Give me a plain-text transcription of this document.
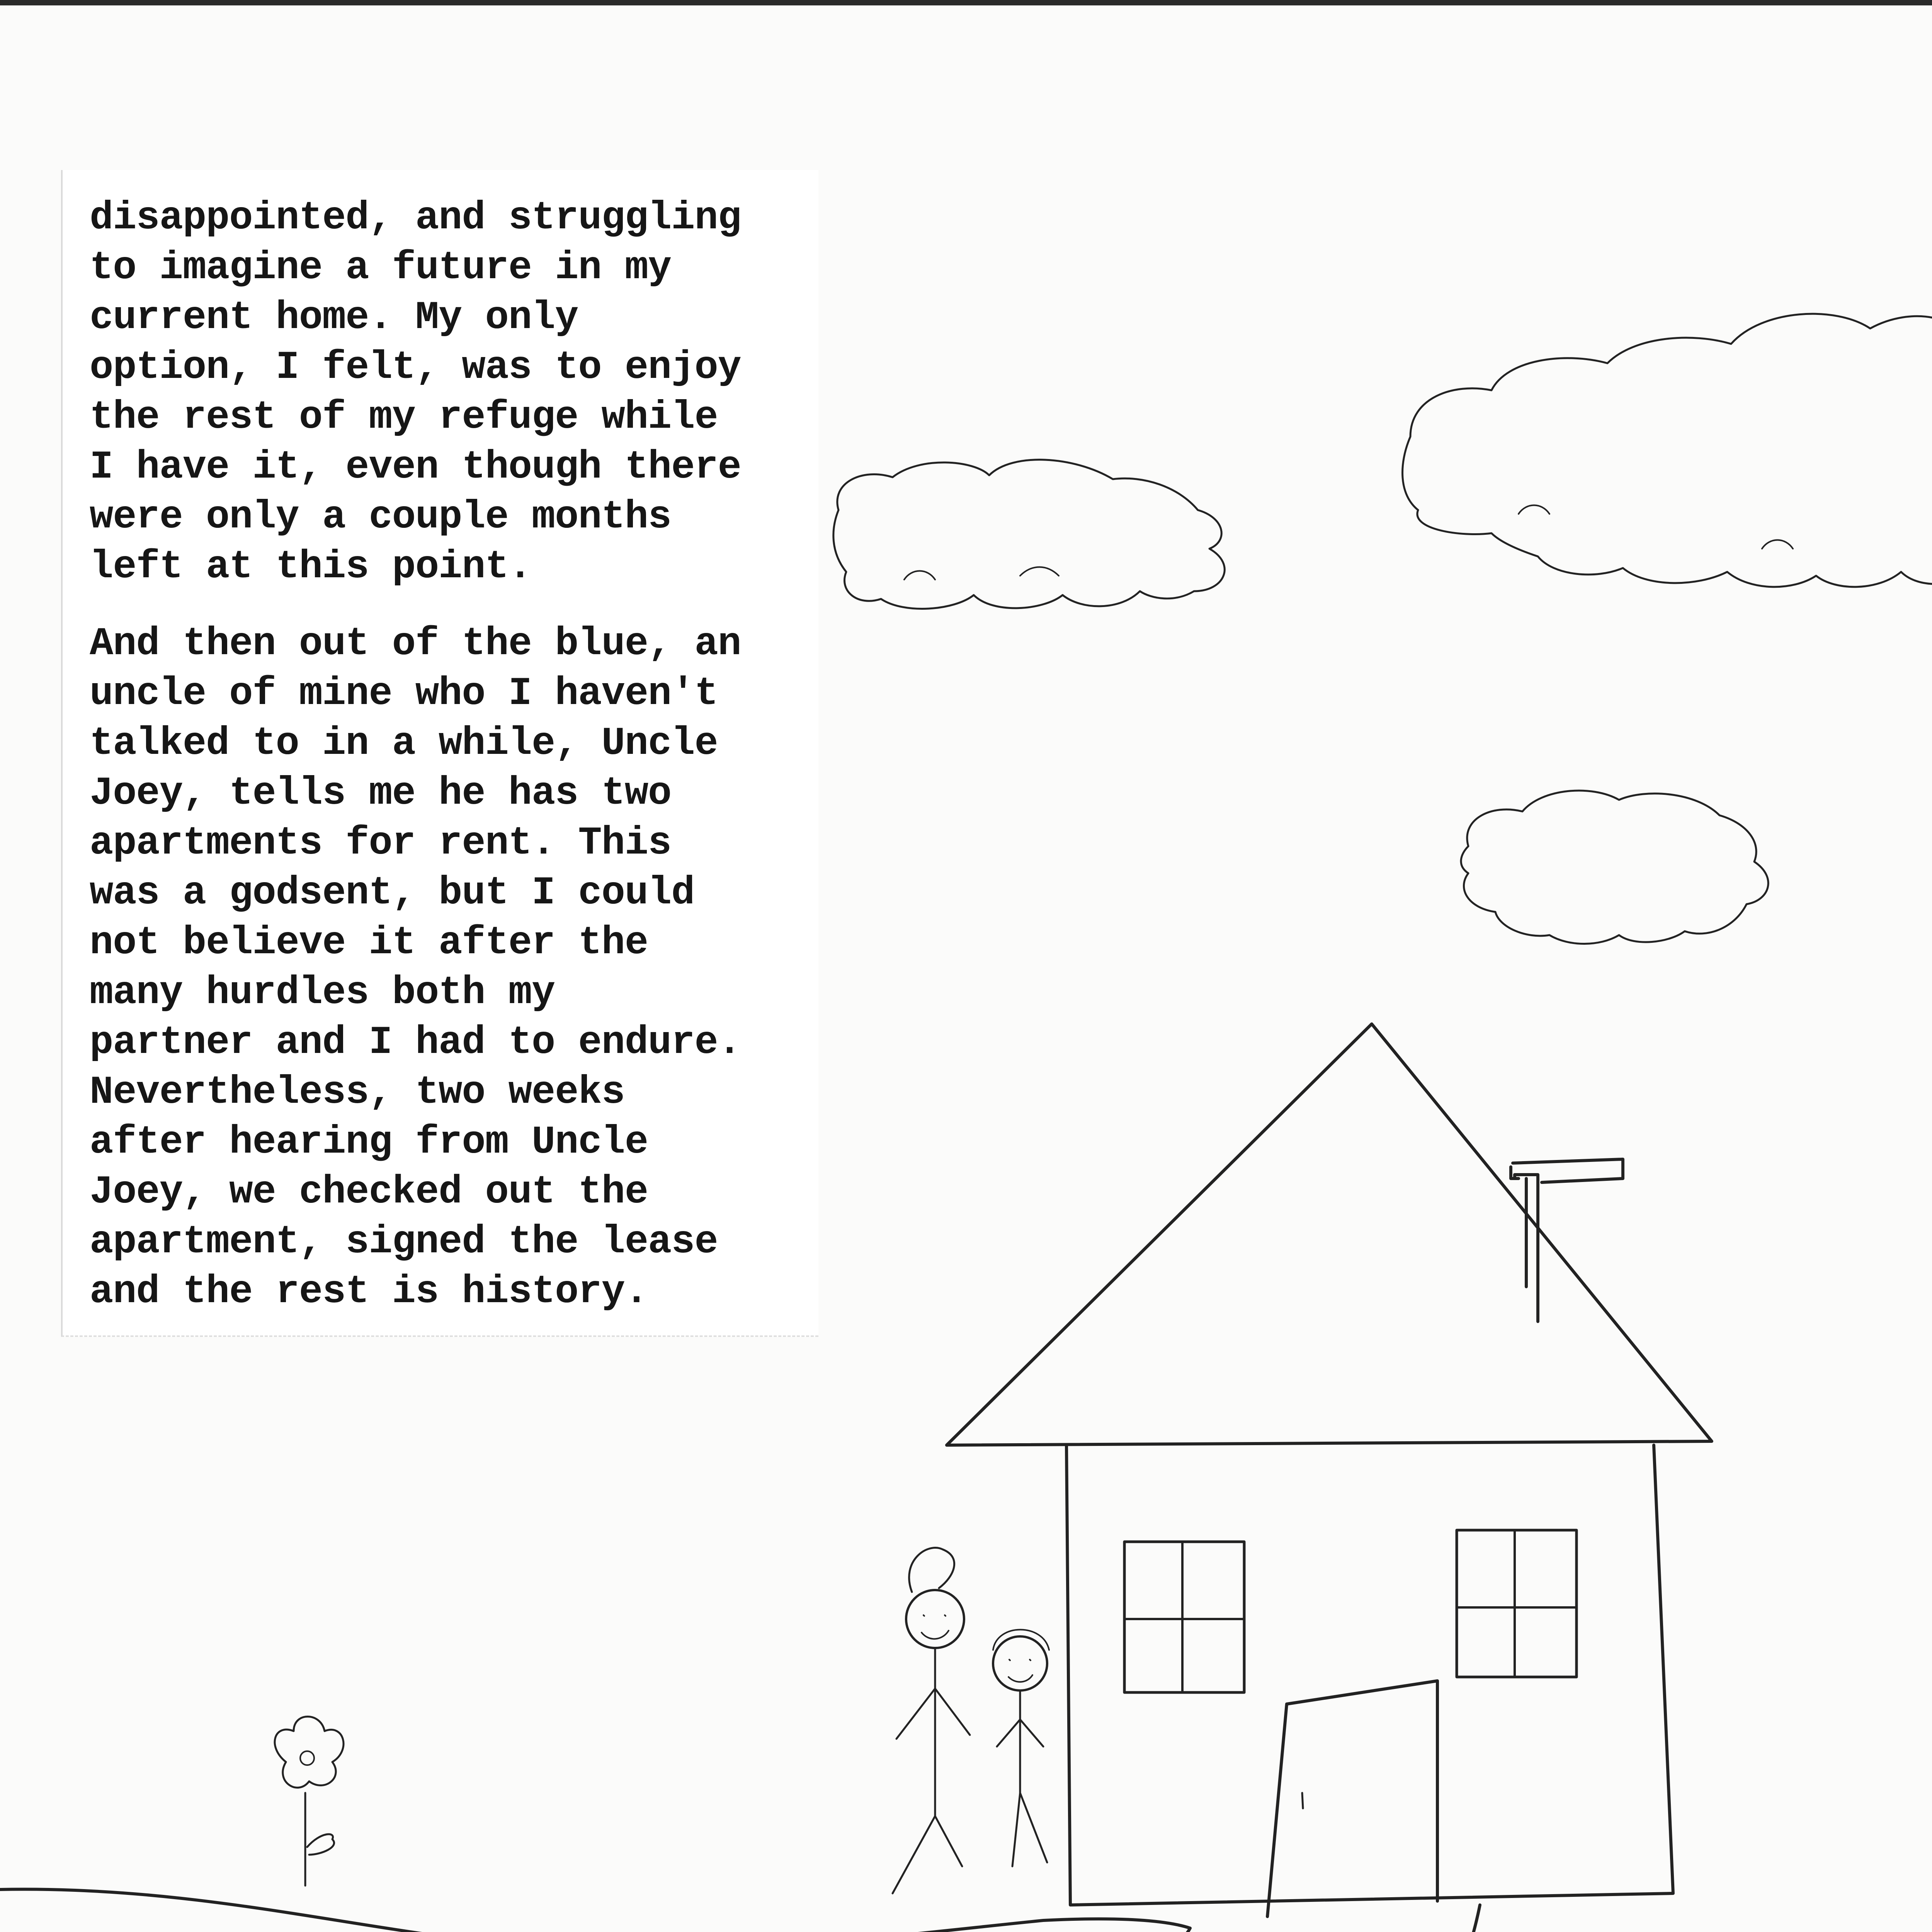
disappointed, and struggling
to imagine a future in my
current home. My only
option, I felt, was to enjoy
the rest of my refuge while
I have it, even though there
were only a couple months
left at this point.

And then out of the blue, an
uncle of mine who I haven't
talked to in a while, Uncle
Joey, tells me he has two
apartments for rent. This
was a godsent, but I could
not believe it after the
many hurdles both my
partner and I had to endure.
Nevertheless, two weeks
after hearing from Uncle
Joey, we checked out the
apartment, signed the lease
and the rest is history.
